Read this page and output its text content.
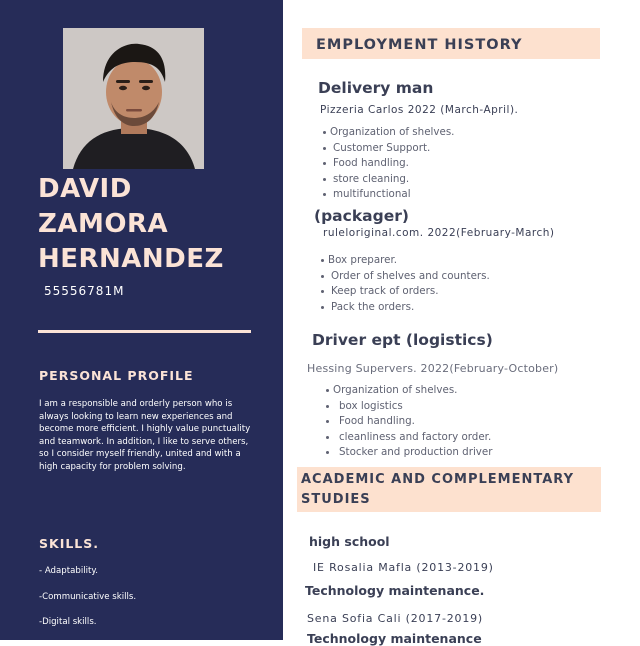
DAVID
ZAMORA
HERNANDEZ
55556781M
PERSONAL PROFILE
I am a responsible and orderly person who is always looking to learn new experiences and become more efficient. I highly value punctuality and teamwork. In addition, I like to serve others, so I consider myself friendly, united and with a high capacity for problem solving.
SKILLS.
- Adaptability.
-Communicative skills.
-Digital skills.
EMPLOYMENT HISTORY
Delivery man
Pizzeria Carlos 2022 (March-April).
Organization of shelves.
Customer Support.
Food handling.
store cleaning.
multifunctional
(packager)
ruleloriginal.com. 2022(February-March)
Box preparer.
Order of shelves and counters.
Keep track of orders.
Pack the orders.
Driver ept (logistics)
Hessing Supervers. 2022(February-October)
Organization of shelves.
box logistics
Food handling.
cleanliness and factory order.
Stocker and production driver
ACADEMIC AND COMPLEMENTARY
STUDIES
high school
IE Rosalia Mafla (2013-2019)
Technology maintenance.
Sena Sofia Cali (2017-2019)
Technology maintenance
